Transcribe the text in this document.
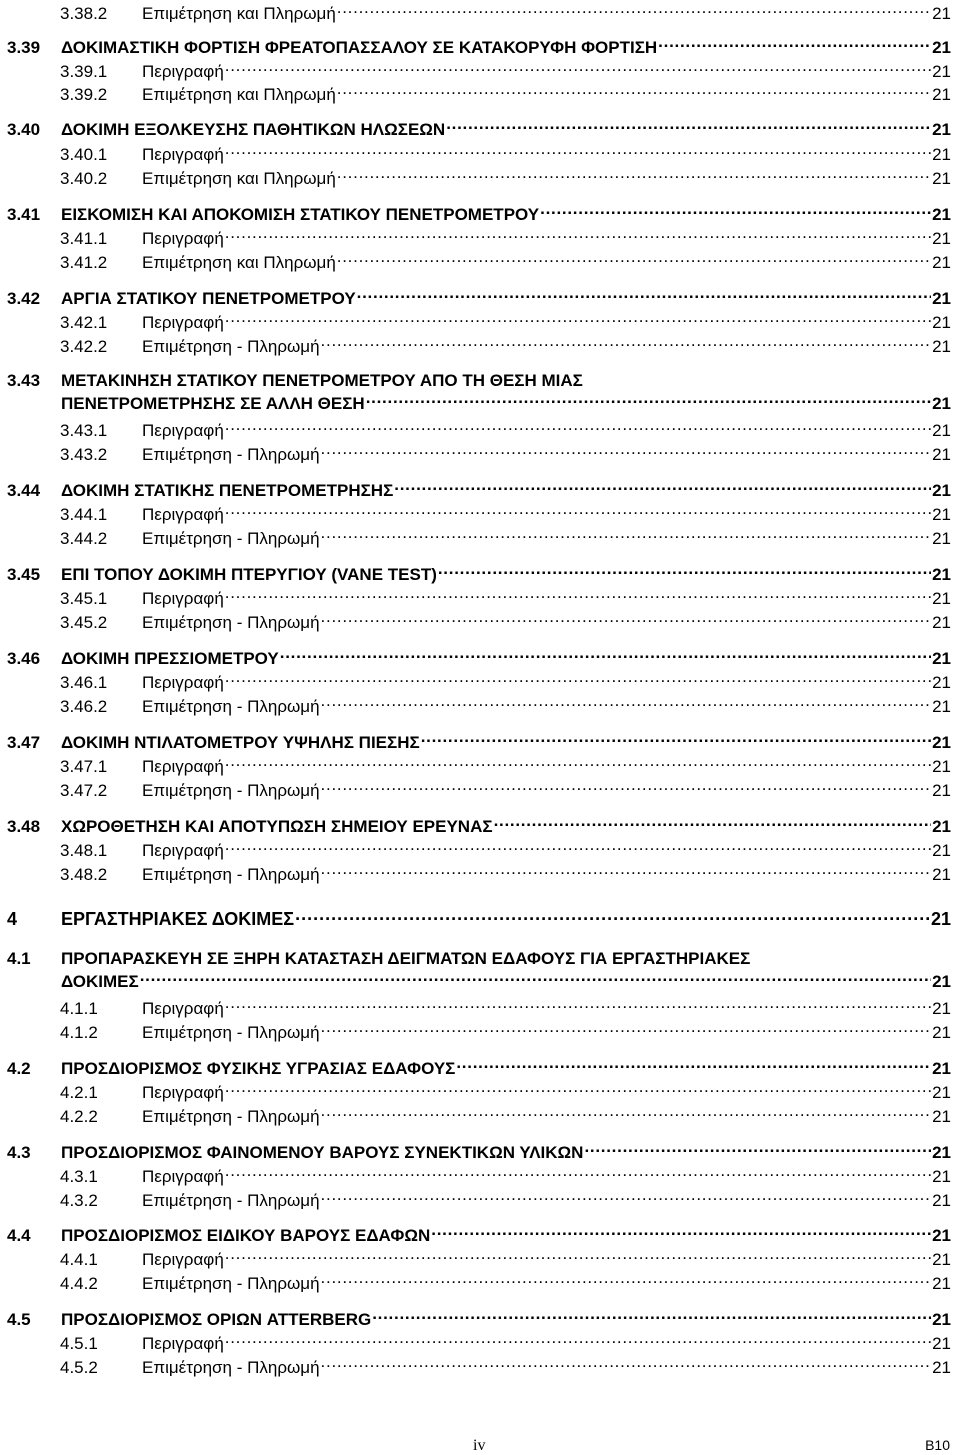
3.38.2	Επιμέτρηση και Πληρωμή . . .	21
3.39	ΔΟΚΙΜΑΣΤΙΚΗ ΦΟΡΤΙΣΗ ΦΡΕΑΤΟΠΑΣΣΑΛΟΥ ΣΕ ΚΑΤΑΚΟΡΥΦΗ ΦΟΡΤΙΣΗ . . .	21
3.39.1	Περιγραφή . . .	21
3.39.2	Επιμέτρηση και Πληρωμή . . .	21
3.40	ΔΟΚΙΜΗ ΕΞΟΛΚΕΥΣΗΣ ΠΑΘΗΤΙΚΩΝ ΗΛΩΣΕΩΝ . . .	21
3.40.1	Περιγραφή . . .	21
3.40.2	Επιμέτρηση και Πληρωμή . . .	21
3.41	ΕΙΣΚΟΜΙΣΗ ΚΑΙ ΑΠΟΚΟΜΙΣΗ ΣΤΑΤΙΚΟΥ ΠΕΝΕΤΡΟΜΕΤΡΟΥ . . .	21
3.41.1	Περιγραφή . . .	21
3.41.2	Επιμέτρηση και Πληρωμή . . .	21
3.42	ΑΡΓΙΑ ΣΤΑΤΙΚΟΥ ΠΕΝΕΤΡΟΜΕΤΡΟΥ . . .	21
3.42.1	Περιγραφή . . .	21
3.42.2	Επιμέτρηση - Πληρωμή . . .	21
3.43	ΜΕΤΑΚΙΝΗΣΗ ΣΤΑΤΙΚΟΥ ΠΕΝΕΤΡΟΜΕΤΡΟΥ ΑΠΟ ΤΗ ΘΕΣΗ ΜΙΑΣ
ΠΕΝΕΤΡΟΜΕΤΡΗΣΗΣ ΣΕ ΑΛΛΗ ΘΕΣΗ . . .	21
3.43.1	Περιγραφή . . .	21
3.43.2	Επιμέτρηση - Πληρωμή . . .	21
3.44	ΔΟΚΙΜΗ ΣΤΑΤΙΚΗΣ ΠΕΝΕΤΡΟΜΕΤΡΗΣΗΣ . . .	21
3.44.1	Περιγραφή . . .	21
3.44.2	Επιμέτρηση - Πληρωμή . . .	21
3.45	ΕΠΙ ΤΟΠΟΥ ΔΟΚΙΜΗ ΠΤΕΡΥΓΙΟΥ (VANE TEST) . . .	21
3.45.1	Περιγραφή . . .	21
3.45.2	Επιμέτρηση - Πληρωμή . . .	21
3.46	ΔΟΚΙΜΗ ΠΡΕΣΣΙΟΜΕΤΡΟΥ . . .	21
3.46.1	Περιγραφή . . .	21
3.46.2	Επιμέτρηση - Πληρωμή . . .	21
3.47	ΔΟΚΙΜΗ ΝΤΙΛΑΤΟΜΕΤΡΟΥ ΥΨΗΛΗΣ ΠΙΕΣΗΣ . . .	21
3.47.1	Περιγραφή . . .	21
3.47.2	Επιμέτρηση - Πληρωμή . . .	21
3.48	ΧΩΡΟΘΕΤΗΣΗ ΚΑΙ ΑΠΟΤΥΠΩΣΗ ΣΗΜΕΙΟΥ ΕΡΕΥΝΑΣ . . .	21
3.48.1	Περιγραφή . . .	21
3.48.2	Επιμέτρηση - Πληρωμή . . .	21
4	ΕΡΓΑΣΤΗΡΙΑΚΕΣ ΔΟΚΙΜΕΣ . . .	21
4.1	ΠΡΟΠΑΡΑΣΚΕΥΗ ΣΕ ΞΗΡΗ ΚΑΤΑΣΤΑΣΗ ΔΕΙΓΜΑΤΩΝ ΕΔΑΦΟΥΣ ΓΙΑ ΕΡΓΑΣΤΗΡΙΑΚΕΣ
ΔΟΚΙΜΕΣ . . .	21
4.1.1	Περιγραφή . . .	21
4.1.2	Επιμέτρηση - Πληρωμή . . .	21
4.2	ΠΡΟΣΔΙΟΡΙΣΜΟΣ ΦΥΣΙΚΗΣ ΥΓΡΑΣΙΑΣ ΕΔΑΦΟΥΣ . . .	21
4.2.1	Περιγραφή . . .	21
4.2.2	Επιμέτρηση - Πληρωμή . . .	21
4.3	ΠΡΟΣΔΙΟΡΙΣΜΟΣ ΦΑΙΝΟΜΕΝΟΥ ΒΑΡΟΥΣ ΣΥΝΕΚΤΙΚΩΝ ΥΛΙΚΩΝ . . .	21
4.3.1	Περιγραφή . . .	21
4.3.2	Επιμέτρηση - Πληρωμή . . .	21
4.4	ΠΡΟΣΔΙΟΡΙΣΜΟΣ ΕΙΔΙΚΟΥ ΒΑΡΟΥΣ ΕΔΑΦΩΝ . . .	21
4.4.1	Περιγραφή . . .	21
4.4.2	Επιμέτρηση - Πληρωμή . . .	21
4.5	ΠΡΟΣΔΙΟΡΙΣΜΟΣ ΟΡΙΩΝ ATTERBERG . . .	21
4.5.1	Περιγραφή . . .	21
4.5.2	Επιμέτρηση - Πληρωμή . . .	21
iv	B10
